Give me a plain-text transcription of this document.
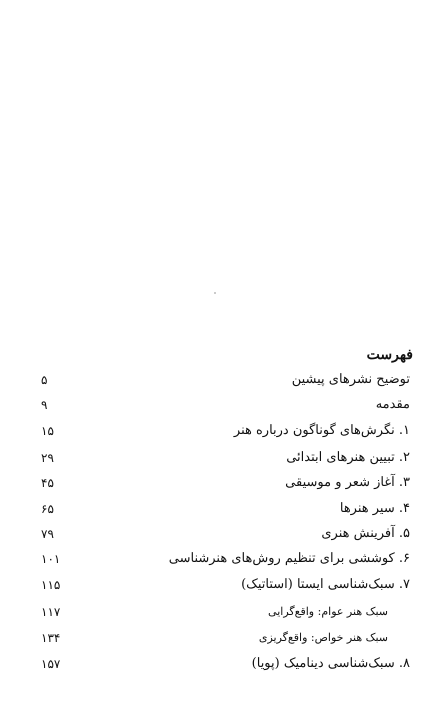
فهرست
توضیح نشرهای پیشین
۵
مقدمه
۹
۱. نگرش‌های گوناگون درباره هنر
۱۵
۲. تبیین هنرهای ابتدائی
۲۹
۳. آغاز شعر و موسیقی
۴۵
۴. سیر هنرها
۶۵
۵. آفرینش هنری
۷۹
۶. کوششی برای تنظیم روش‌های هنرشناسی
۱۰۱
۷. سبک‌شناسی ایستا (استاتیک)
۱۱۵
سبک هنر عوام: واقع‌گرایی
۱۱۷
سبک هنر خواص: واقع‌گریزی
۱۳۴
۸. سبک‌شناسی دینامیک (پویا)
۱۵۷
